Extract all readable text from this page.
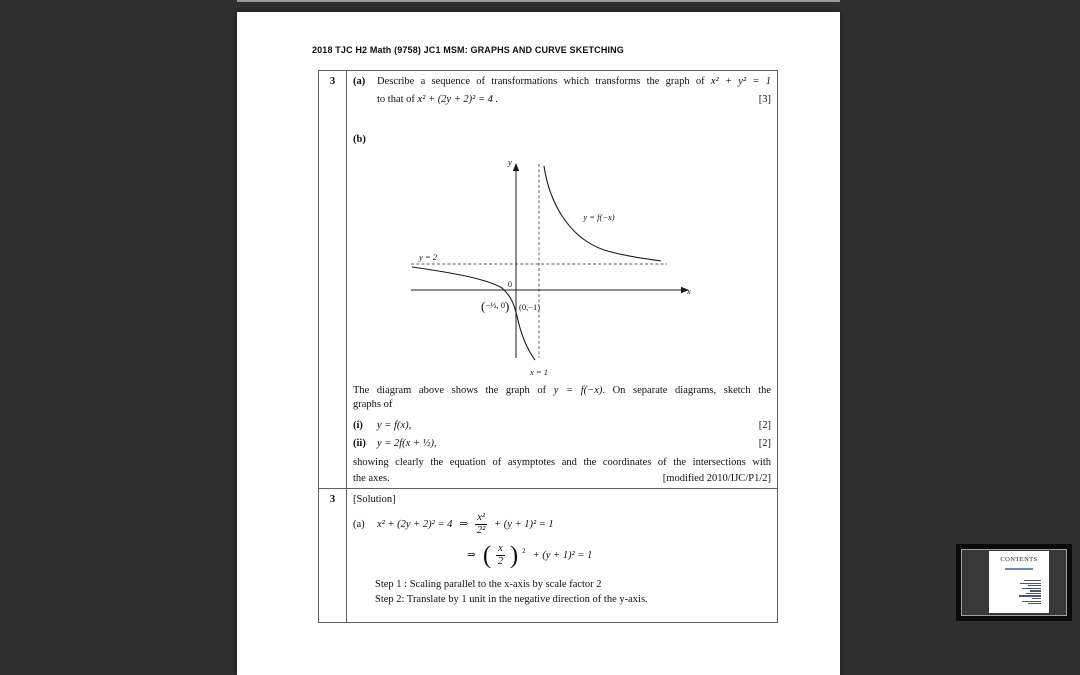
2018 TJC H2 Math (9758) JC1 MSM: GRAPHS AND CURVE SKETCHING
3	(a)	Describe a sequence of transformations which transforms the graph of x² + y² = 1
to that of x² + (2y + 2)² = 4 .	[3]
(b)
y
x
0
y = 2
x = 1
y = f(−x)
(−½, 0) (0,−1)
The diagram above shows the graph of y = f(−x). On separate diagrams, sketch the
graphs of
(i)	y = f(x),	[2]
(ii)	y = 2f(x + ½),	[2]
showing clearly the equation of asymptotes and the coordinates of the intersections with
the axes.	[modified 2010/IJC/P1/2]
3	[Solution]
(a)	x² + (2y + 2)² = 4 ⇒ $\frac{\text{x²}}{\text{2²}} + (y + 1)^2 = 1$
⇒ ( $\frac{x}{2}$ ) 2 + (y + 1)² = 1
Step 1 : Scaling parallel to the x-axis by scale factor 2
Step 2: Translate by 1 unit in the negative direction of the y-axis.
CONTENTS
